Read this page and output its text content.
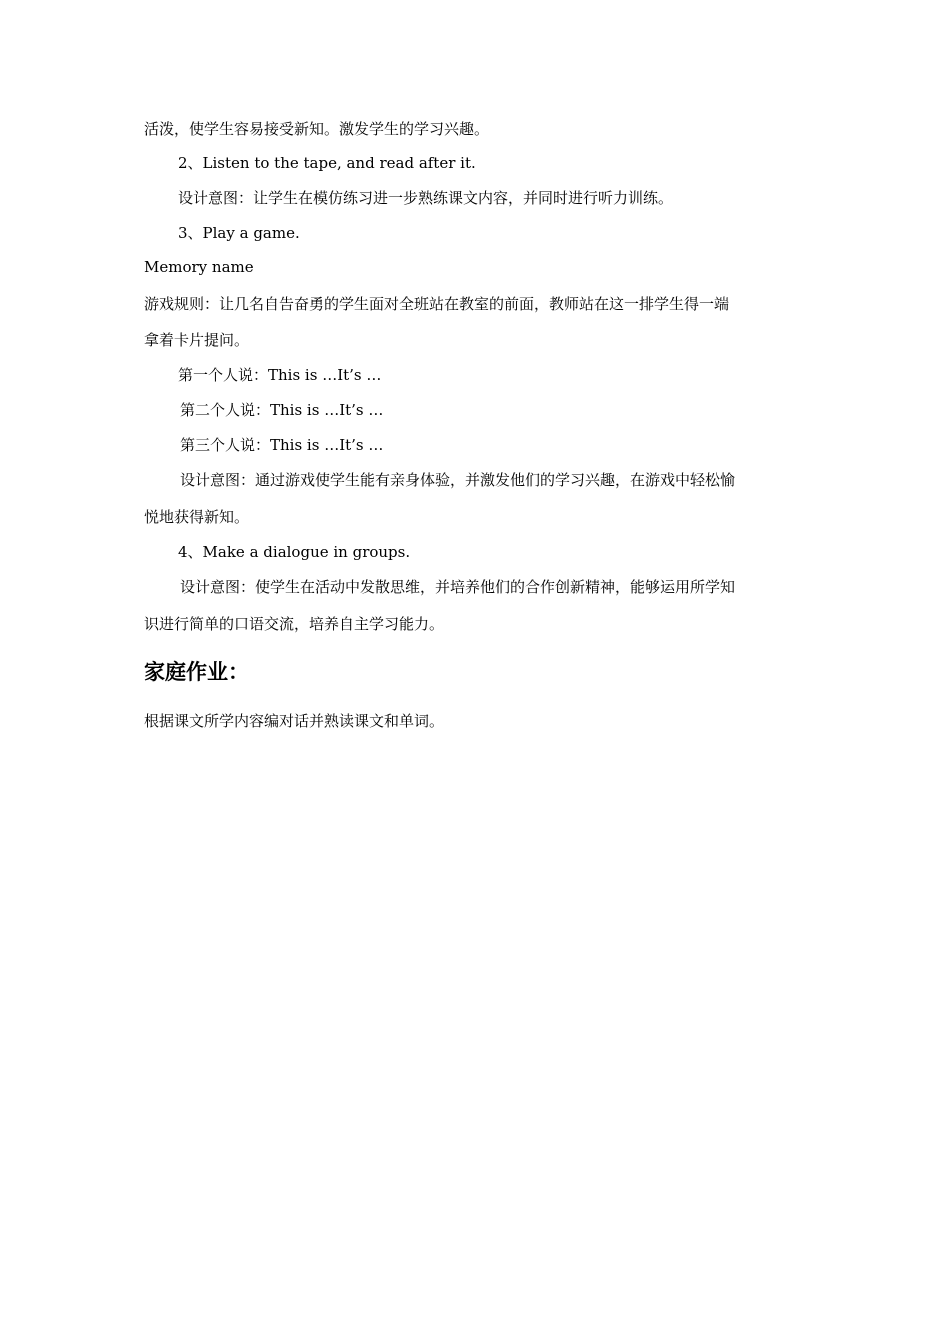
活泼，使学生容易接受新知。激发学生的学习兴趣。
2、Listen to the tape, and read after it.
设计意图：让学生在模仿练习进一步熟练课文内容，并同时进行听力训练。
3、Play a game.
Memory name
游戏规则：让几名自告奋勇的学生面对全班站在教室的前面，教师站在这一排学生得一端
拿着卡片提问。
第一个人说：This is …It’s …
第二个人说：This is …It’s …
第三个人说：This is …It’s …
设计意图：通过游戏使学生能有亲身体验，并激发他们的学习兴趣，在游戏中轻松愉
悦地获得新知。
4、Make a dialogue in groups.
设计意图：使学生在活动中发散思维，并培养他们的合作创新精神，能够运用所学知
识进行简单的口语交流，培养自主学习能力。
家庭作业：
根据课文所学内容编对话并熟读课文和单词。
